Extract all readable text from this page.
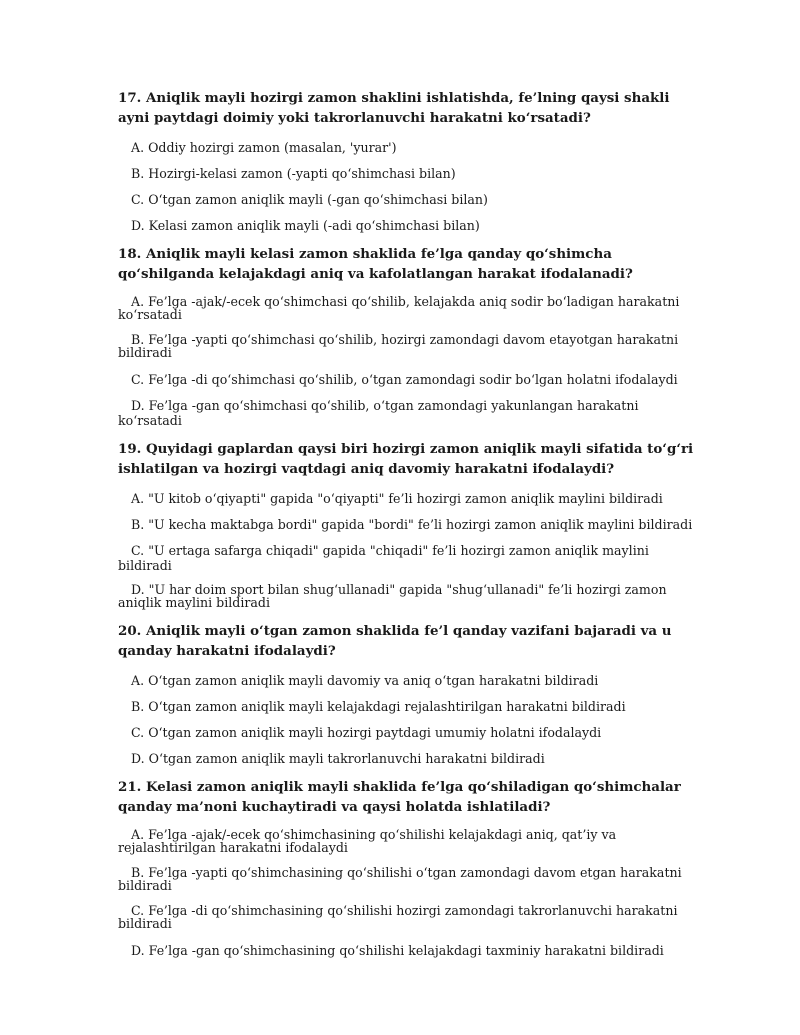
17. Aniqlik mayli hozirgi zamon shaklini ishlatishda, fe’lning qaysi shakli ayni paytdagi doimiy yoki takrorlanuvchi harakatni ko‘rsatadi?
A. Oddiy hozirgi zamon (masalan, 'yurar')
B. Hozirgi-kelasi zamon (-yapti qo‘shimchasi bilan)
C. O‘tgan zamon aniqlik mayli (-gan qo‘shimchasi bilan)
D. Kelasi zamon aniqlik mayli (-adi qo‘shimchasi bilan)
18. Aniqlik mayli kelasi zamon shaklida fe’lga qanday qo‘shimcha qo‘shilganda kelajakdagi aniq va kafolatlangan harakat ifodalanadi?
A. Fe’lga -ajak/-ecek qo‘shimchasi qo‘shilib, kelajakda aniq sodir bo‘ladigan harakatni ko‘rsatadi
B. Fe’lga -yapti qo‘shimchasi qo‘shilib, hozirgi zamondagi davom etayotgan harakatni bildiradi
C. Fe’lga -di qo‘shimchasi qo‘shilib, o‘tgan zamondagi sodir bo‘lgan holatni ifodalaydi
D. Fe’lga -gan qo‘shimchasi qo‘shilib, o‘tgan zamondagi yakunlangan harakatni ko‘rsatadi
19. Quyidagi gaplardan qaysi biri hozirgi zamon aniqlik mayli sifatida to‘g‘ri ishlatilgan va hozirgi vaqtdagi aniq davomiy harakatni ifodalaydi?
A. "U kitob o‘qiyapti" gapida "o‘qiyapti" fe’li hozirgi zamon aniqlik maylini bildiradi
B. "U kecha maktabga bordi" gapida "bordi" fe’li hozirgi zamon aniqlik maylini bildiradi
C. "U ertaga safarga chiqadi" gapida "chiqadi" fe’li hozirgi zamon aniqlik maylini bildiradi
D. "U har doim sport bilan shug‘ullanadi" gapida "shug‘ullanadi" fe’li hozirgi zamon aniqlik maylini bildiradi
20. Aniqlik mayli o‘tgan zamon shaklida fe’l qanday vazifani bajaradi va u qanday harakatni ifodalaydi?
A. O‘tgan zamon aniqlik mayli davomiy va aniq o‘tgan harakatni bildiradi
B. O‘tgan zamon aniqlik mayli kelajakdagi rejalashtirilgan harakatni bildiradi
C. O‘tgan zamon aniqlik mayli hozirgi paytdagi umumiy holatni ifodalaydi
D. O‘tgan zamon aniqlik mayli takrorlanuvchi harakatni bildiradi
21. Kelasi zamon aniqlik mayli shaklida fe’lga qo‘shiladigan qo‘shimchalar qanday ma’noni kuchaytiradi va qaysi holatda ishlatiladi?
A. Fe’lga -ajak/-ecek qo‘shimchasining qo‘shilishi kelajakdagi aniq, qat’iy va rejalashtirilgan harakatni ifodalaydi
B. Fe’lga -yapti qo‘shimchasining qo‘shilishi o‘tgan zamondagi davom etgan harakatni bildiradi
C. Fe’lga -di qo‘shimchasining qo‘shilishi hozirgi zamondagi takrorlanuvchi harakatni bildiradi
D. Fe’lga -gan qo‘shimchasining qo‘shilishi kelajakdagi taxminiy harakatni bildiradi
